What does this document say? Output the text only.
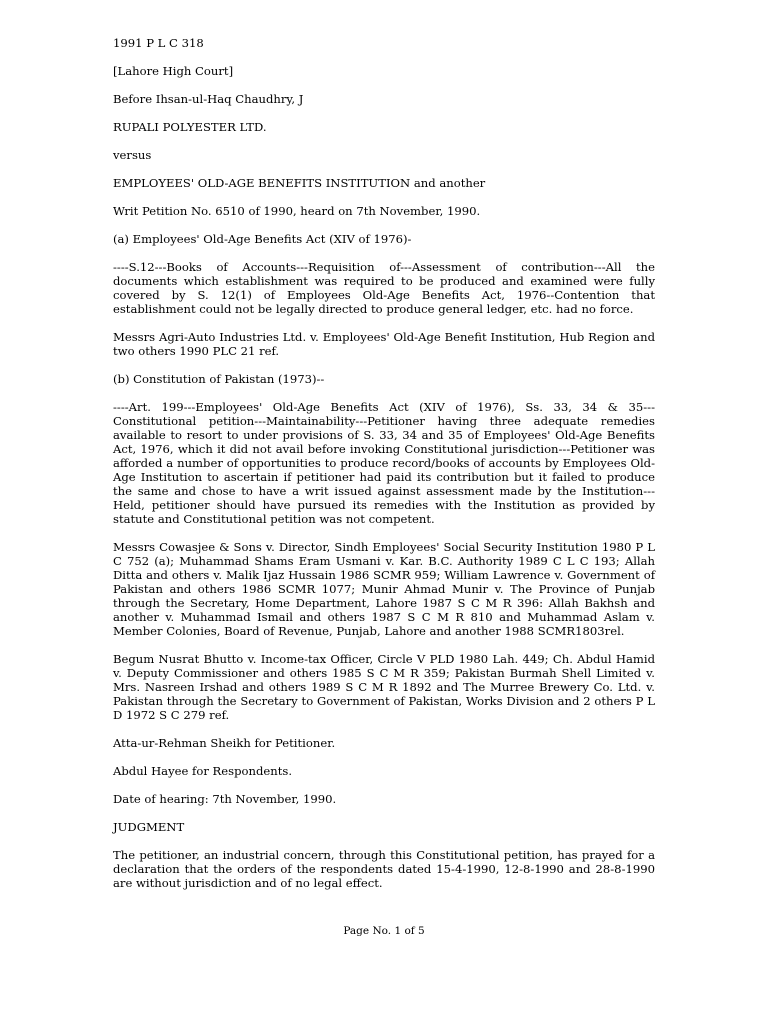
1991 P L C 318

[Lahore High Court]

Before Ihsan-ul-Haq Chaudhry, J

RUPALI POLYESTER LTD.

versus

EMPLOYEES' OLD-AGE BENEFITS INSTITUTION and another

Writ Petition No. 6510 of 1990, heard on 7th November, 1990.

(a) Employees' Old-Age Benefits Act (XIV of 1976)-

----S.12---Books of Accounts---Requisition of---Assessment of contribution---All the documents which establishment was required to be produced and examined were fully covered by S. 12(1) of Employees Old-Age Benefits Act, 1976--Contention that establishment could not be legally directed to produce general ledger, etc. had no force.

Messrs Agri-Auto Industries Ltd. v. Employees' Old-Age Benefit Institution, Hub Region and two others 1990 PLC 21 ref.

(b) Constitution of Pakistan (1973)--

----Art. 199---Employees' Old-Age Benefits Act (XIV of 1976), Ss. 33, 34 & 35---Constitutional petition---Maintainability---Petitioner having three adequate remedies available to resort to under provisions of S. 33, 34 and 35 of Employees' Old-Age Benefits Act, 1976, which it did not avail before invoking Constitutional jurisdiction---Petitioner was afforded a number of opportunities to produce record/books of accounts by Employees Old-Age Institution to ascertain if petitioner had paid its contribution but it failed to produce the same and chose to have a writ issued against assessment made by the Institution---Held, petitioner should have pursued its remedies with the Institution as provided by statute and Constitutional petition was not competent.

Messrs Cowasjee & Sons v. Director, Sindh Employees' Social Security Institution 1980 P L C 752 (a); Muhammad Shams Eram Usmani v. Kar. B.C. Authority 1989 C L C 193; Allah Ditta and others v. Malik Ijaz Hussain 1986 SCMR 959; William Lawrence v. Government of Pakistan and others 1986 SCMR 1077; Munir Ahmad Munir v. The Province of Punjab through the Secretary, Home Department, Lahore 1987 S C M R 396: Allah Bakhsh and another v. Muhammad Ismail and others 1987 S C M R 810 and Muhammad Aslam v. Member Colonies, Board of Revenue, Punjab, Lahore and another 1988 SCMR1803rel.

Begum Nusrat Bhutto v. Income-tax Officer, Circle V PLD 1980 Lah. 449; Ch. Abdul Hamid v. Deputy Commissioner and others 1985 S C M R 359; Pakistan Burmah Shell Limited v. Mrs. Nasreen Irshad and others 1989 S C M R 1892 and The Murree Brewery Co. Ltd. v. Pakistan through the Secretary to Government of Pakistan, Works Division and 2 others P L D 1972 S C 279 ref.

Atta-ur-Rehman Sheikh for Petitioner.

Abdul Hayee for Respondents.

Date of hearing: 7th November, 1990.

JUDGMENT

The petitioner, an industrial concern, through this Constitutional petition, has prayed for a declaration that the orders of the respondents dated 15-4-1990, 12-8-1990 and 28-8-1990 are without jurisdiction and of no legal effect.

Page No. 1 of 5
